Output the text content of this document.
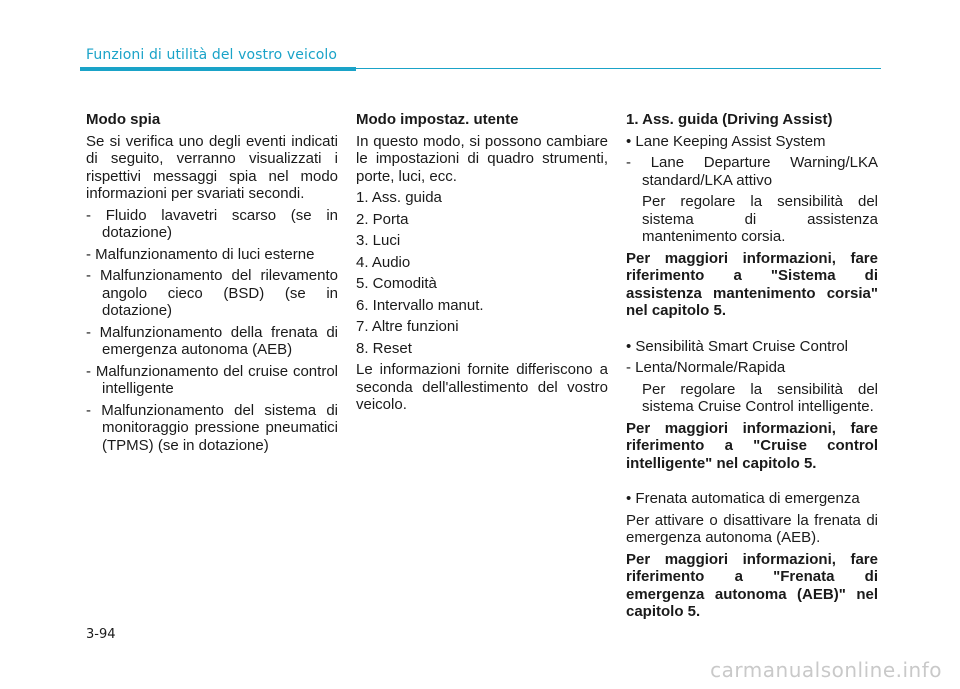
Funzioni di utilità del vostro veicolo

Modo spia

Se si verifica uno degli eventi indicati di seguito, verranno visualizzati i rispettivi messaggi spia nel modo informazioni per svariati secondi.

- Fluido lavavetri scarso (se in dotazione)

- Malfunzionamento di luci esterne

- Malfunzionamento del rilevamento angolo cieco (BSD) (se in dotazione)

- Malfunzionamento della frenata di emergenza autonoma (AEB)

- Malfunzionamento del cruise control intelligente

- Malfunzionamento del sistema di monitoraggio pressione pneumatici (TPMS) (se in dotazione)

Modo impostaz. utente

In questo modo, si possono cambiare le impostazioni di quadro strumenti, porte, luci, ecc.

1. Ass. guida

2. Porta

3. Luci

4. Audio

5. Comodità

6. Intervallo manut.

7. Altre funzioni

8. Reset

Le informazioni fornite differiscono a seconda dell'allestimento del vostro veicolo.

1. Ass. guida (Driving Assist)

• Lane Keeping Assist System

- Lane Departure Warning/LKA standard/LKA attivo

Per regolare la sensibilità del sistema di assistenza mantenimento corsia.

Per maggiori informazioni, fare riferimento a "Sistema di assistenza mantenimento corsia" nel capitolo 5.

• Sensibilità Smart Cruise Control

- Lenta/Normale/Rapida

Per regolare la sensibilità del sistema Cruise Control intelligente.

Per maggiori informazioni, fare riferimento a "Cruise control intelligente" nel capitolo 5.

• Frenata automatica di emergenza

Per attivare o disattivare la frenata di emergenza autonoma (AEB).

Per maggiori informazioni, fare riferimento a "Frenata di emergenza autonoma (AEB)" nel capitolo 5.

3-94
carmanualsonline.info
